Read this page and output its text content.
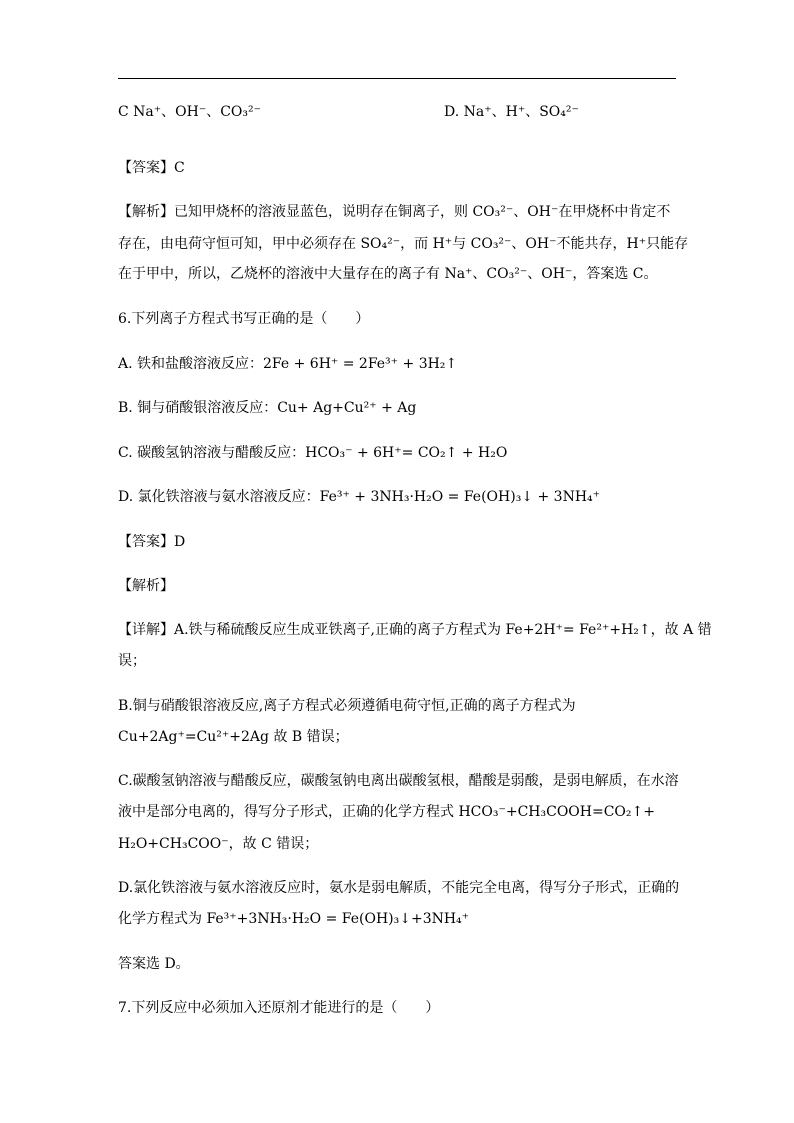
C Na⁺、OH⁻、CO₃²⁻	D. Na⁺、H⁺、SO₄²⁻
【答案】C
【解析】已知甲烧杯的溶液显蓝色，说明存在铜离子，则 CO₃²⁻、OH⁻在甲烧杯中肯定不
存在，由电荷守恒可知，甲中必须存在 SO₄²⁻，而 H⁺与 CO₃²⁻、OH⁻不能共存，H⁺只能存
在于甲中，所以，乙烧杯的溶液中大量存在的离子有 Na⁺、CO₃²⁻、OH⁻，答案选 C。
6.下列离子方程式书写正确的是（　　）
A. 铁和盐酸溶液反应：2Fe + 6H⁺ = 2Fe³⁺ + 3H₂↑
B. 铜与硝酸银溶液反应：Cu+ Ag+Cu²⁺ + Ag
C. 碳酸氢钠溶液与醋酸反应：HCO₃⁻ + 6H⁺= CO₂↑ + H₂O
D. 氯化铁溶液与氨水溶液反应：Fe³⁺ + 3NH₃·H₂O = Fe(OH)₃↓ + 3NH₄⁺
【答案】D
【解析】
【详解】A.铁与稀硫酸反应生成亚铁离子,正确的离子方程式为 Fe+2H⁺= Fe²⁺+H₂↑，故 A 错
误；
B.铜与硝酸银溶液反应,离子方程式必须遵循电荷守恒,正确的离子方程式为
Cu+2Ag⁺=Cu²⁺+2Ag 故 B 错误；
C.碳酸氢钠溶液与醋酸反应，碳酸氢钠电离出碳酸氢根，醋酸是弱酸，是弱电解质，在水溶
液中是部分电离的，得写分子形式，正确的化学方程式 HCO₃⁻+CH₃COOH=CO₂↑+
H₂O+CH₃COO⁻，故 C 错误；
D.氯化铁溶液与氨水溶液反应时，氨水是弱电解质，不能完全电离，得写分子形式，正确的
化学方程式为 Fe³⁺+3NH₃·H₂O = Fe(OH)₃↓+3NH₄⁺
答案选 D。
7.下列反应中必须加入还原剂才能进行的是（　　）
